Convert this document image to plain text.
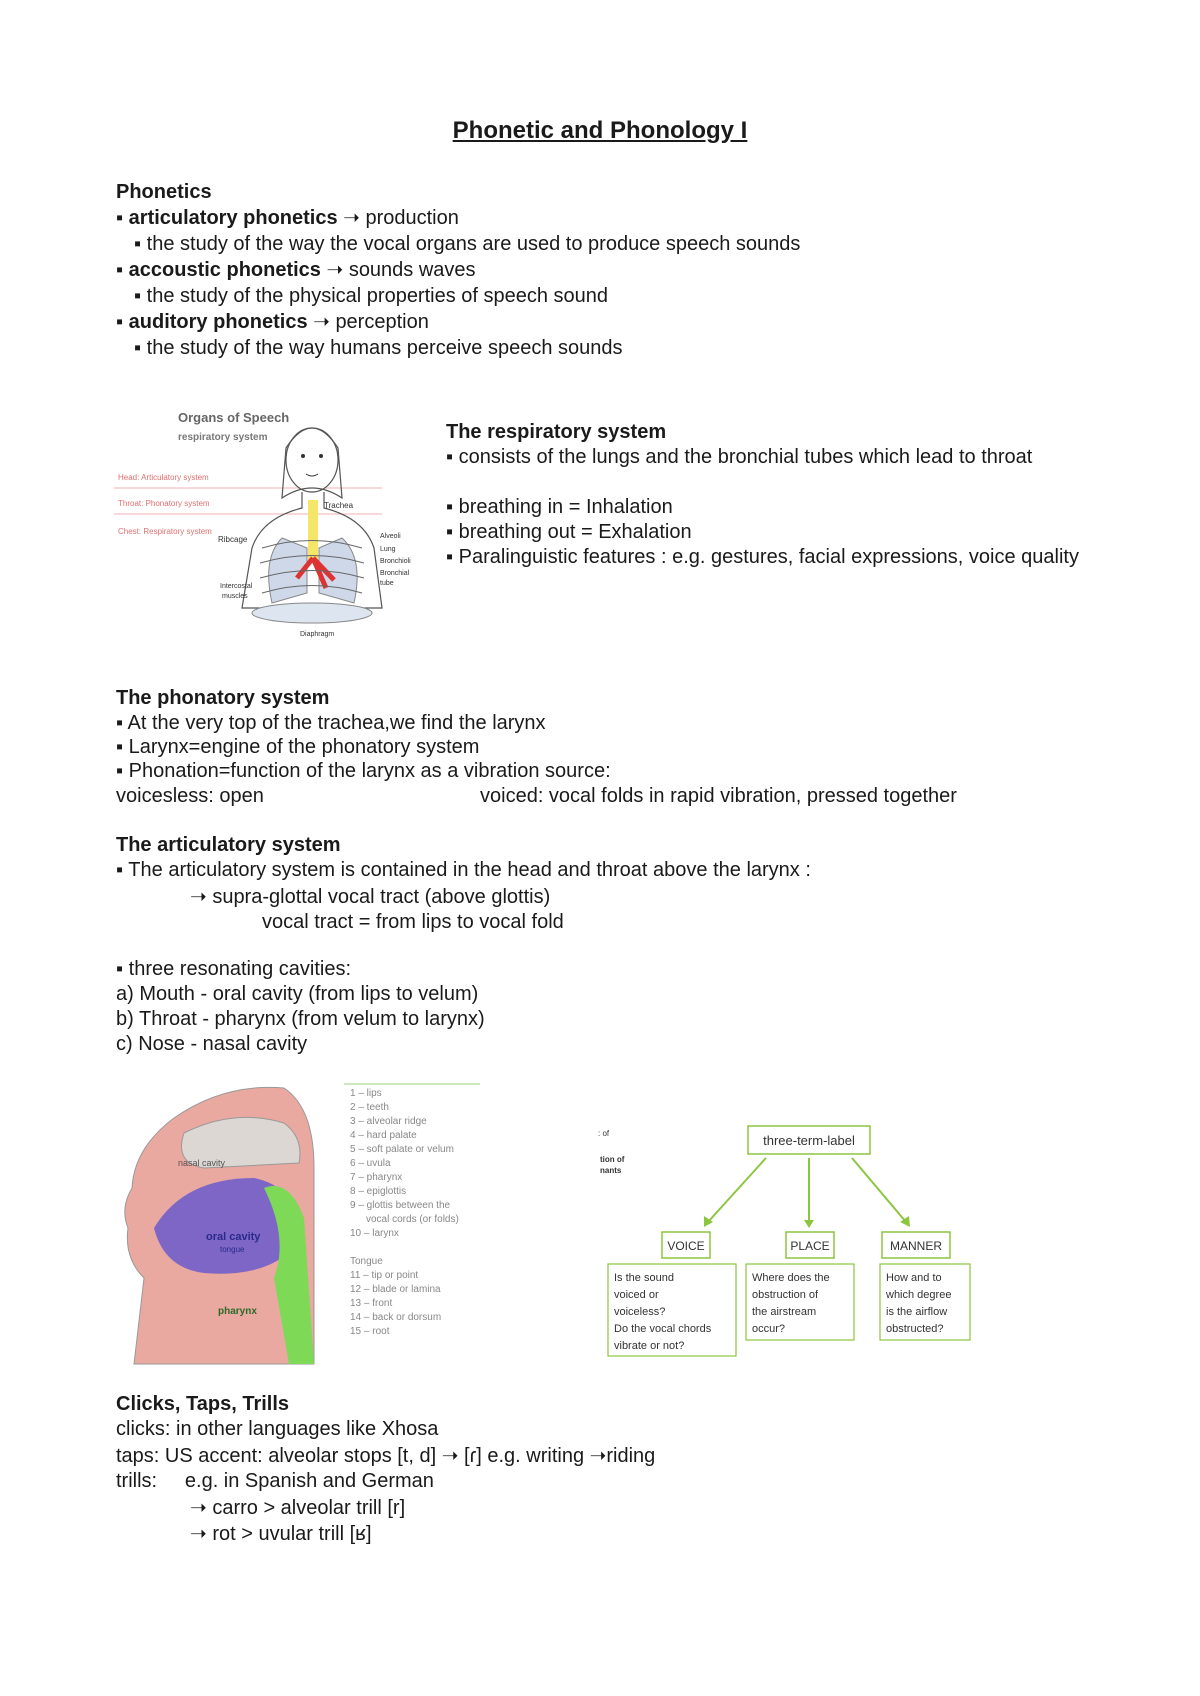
Phonetic and Phonology I
Phonetics
▪ articulatory phonetics ➝ production
▪ the study of the way the vocal organs are used to produce speech sounds
▪ accoustic phonetics ➝ sounds waves
▪ the study of the physical properties of speech sound
▪ auditory phonetics ➝ perception
▪ the study of the way humans perceive speech sounds
Organs of Speech
respiratory system
Head: Articulatory system
Throat: Phonatory system
Chest: Respiratory system
Trachea
Ribcage	Alveoli
Lung
Bronchioli
Bronchial
tube
Intercostal
muscles
Diaphragm
The respiratory system
▪ consists of the lungs and the bronchial tubes which lead to throat
▪ breathing in = Inhalation
▪ breathing out = Exhalation
▪ Paralinguistic features : e.g. gestures, facial expressions, voice quality
The phonatory system
▪ At the very top of the trachea,we find the larynx
▪ Larynx=engine of the phonatory system
▪ Phonation=function of the larynx as a vibration source:
voicesless: open	voiced: vocal folds in rapid vibration, pressed together
The articulatory system
▪ The articulatory system is contained in the head and throat above the larynx :
➝ supra-glottal vocal tract (above glottis)
vocal tract = from lips to vocal fold
▪ three resonating cavities:
a) Mouth - oral cavity (from lips to velum)
b) Throat - pharynx (from velum to larynx)
c) Nose - nasal cavity
nasal cavity
oral cavity
tongue
pharynx
1 – lips
2 – teeth
3 – alveolar ridge
4 – hard palate
5 – soft palate or velum
6 – uvula
7 – pharynx
8 – epiglottis
9 – glottis between the
vocal cords (or folds)
10 – larynx
Tongue
11 – tip or point
12 – blade or lamina
13 – front
14 – back or dorsum
15 – root
: of
tion of
nants
three-term-label
VOICE	PLACE	MANNER
Is the sound
voiced or
voiceless?
Do the vocal chords
vibrate or not?
Where does the
obstruction of
the airstream
occur?
How and to
which degree
is the airflow
obstructed?
Clicks, Taps, Trills
clicks: in other languages like Xhosa
taps: US accent: alveolar stops [t, d] ➝ [ɾ] e.g. writing ➝riding
trills:     e.g. in Spanish and German
➝ carro > alveolar trill [r]
➝ rot > uvular trill [ʁ]
